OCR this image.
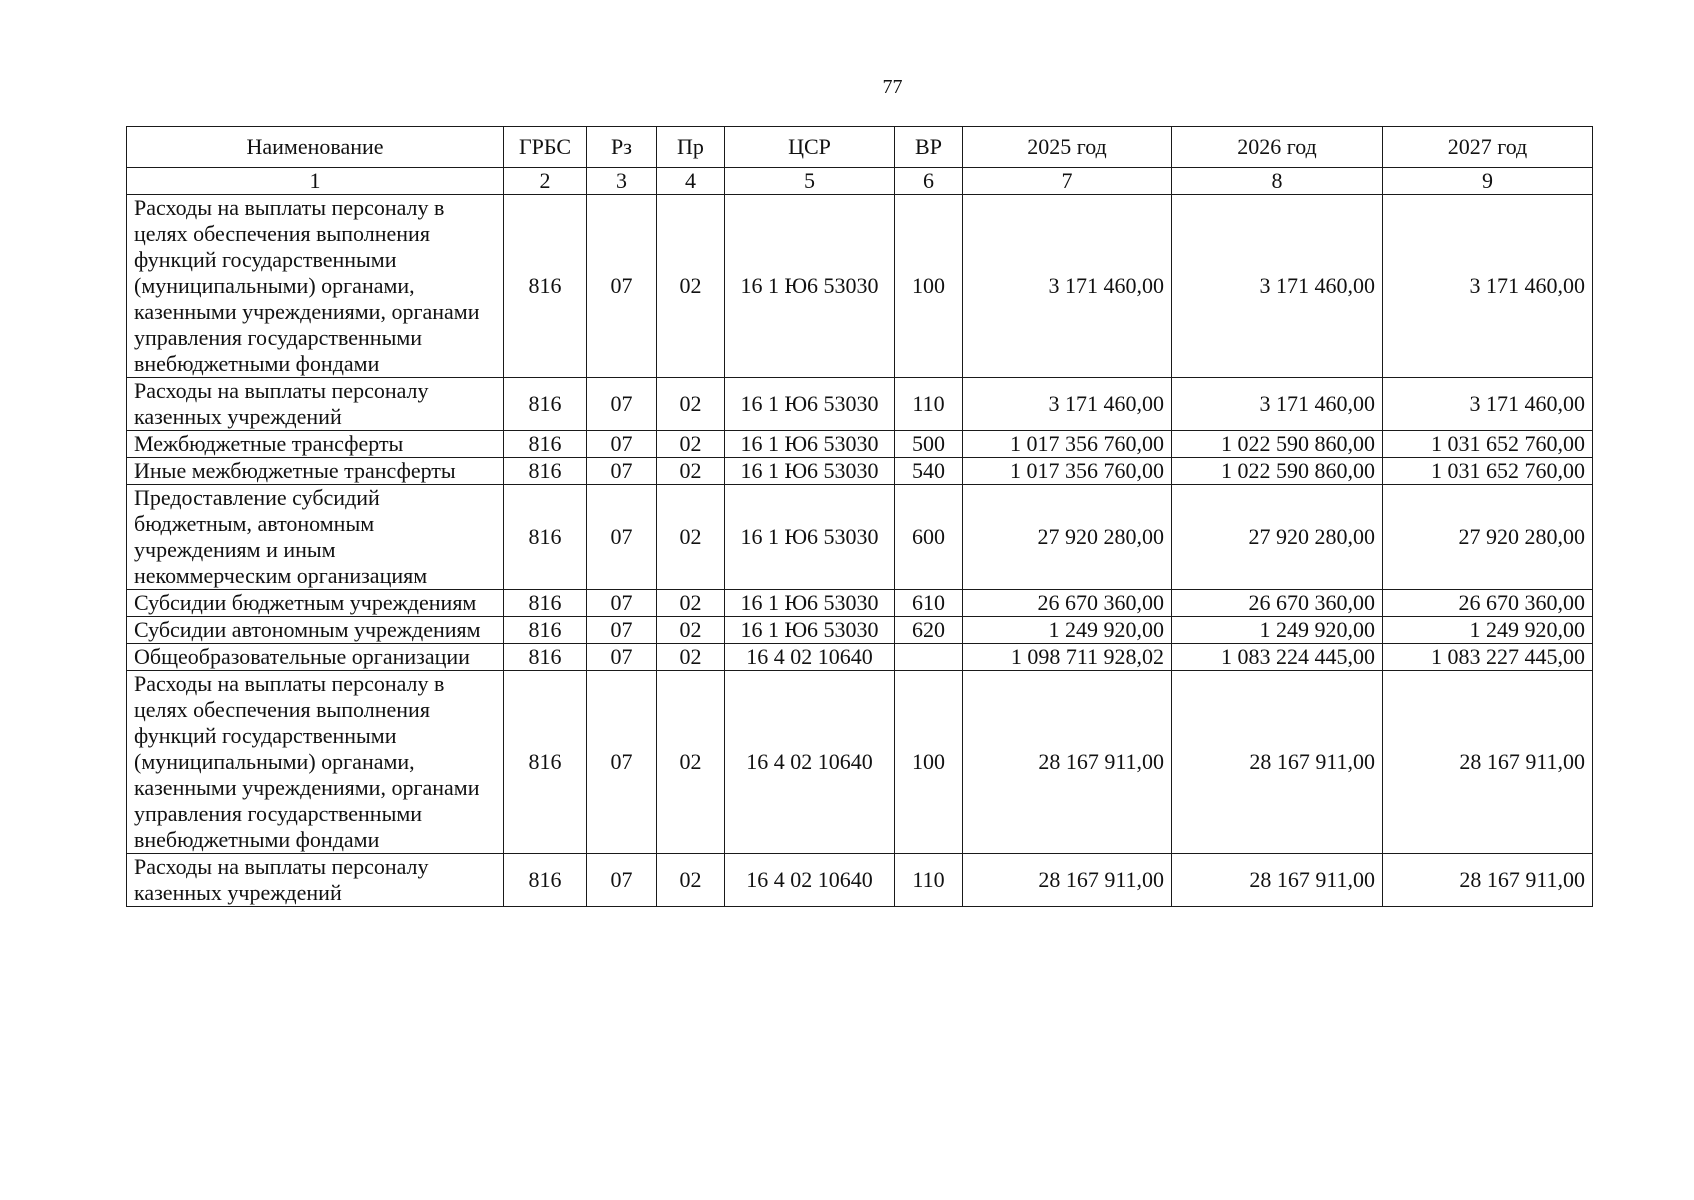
77
Наименование	ГРБС	Рз	Пр	ЦСР	ВР	2025 год	2026 год	2027 год
1	2	3	4	5	6	7	8	9
Расходы на выплаты персоналу в целях обеспечения выполнения функций государственными (муниципальными) органами, казенными учреждениями, органами управления государственными внебюджетными фондами	816	07	02	16 1 Ю6 53030	100	3 171 460,00	3 171 460,00	3 171 460,00
Расходы на выплаты персоналу казенных учреждений	816	07	02	16 1 Ю6 53030	110	3 171 460,00	3 171 460,00	3 171 460,00
Межбюджетные трансферты	816	07	02	16 1 Ю6 53030	500	1 017 356 760,00	1 022 590 860,00	1 031 652 760,00
Иные межбюджетные трансферты	816	07	02	16 1 Ю6 53030	540	1 017 356 760,00	1 022 590 860,00	1 031 652 760,00
Предоставление субсидий бюджетным, автономным учреждениям и иным некоммерческим организациям	816	07	02	16 1 Ю6 53030	600	27 920 280,00	27 920 280,00	27 920 280,00
Субсидии бюджетным учреждениям	816	07	02	16 1 Ю6 53030	610	26 670 360,00	26 670 360,00	26 670 360,00
Субсидии автономным учреждениям	816	07	02	16 1 Ю6 53030	620	1 249 920,00	1 249 920,00	1 249 920,00
Общеобразовательные организации	816	07	02	16 4 02 10640		1 098 711 928,02	1 083 224 445,00	1 083 227 445,00
Расходы на выплаты персоналу в целях обеспечения выполнения функций государственными (муниципальными) органами, казенными учреждениями, органами управления государственными внебюджетными фондами	816	07	02	16 4 02 10640	100	28 167 911,00	28 167 911,00	28 167 911,00
Расходы на выплаты персоналу казенных учреждений	816	07	02	16 4 02 10640	110	28 167 911,00	28 167 911,00	28 167 911,00
